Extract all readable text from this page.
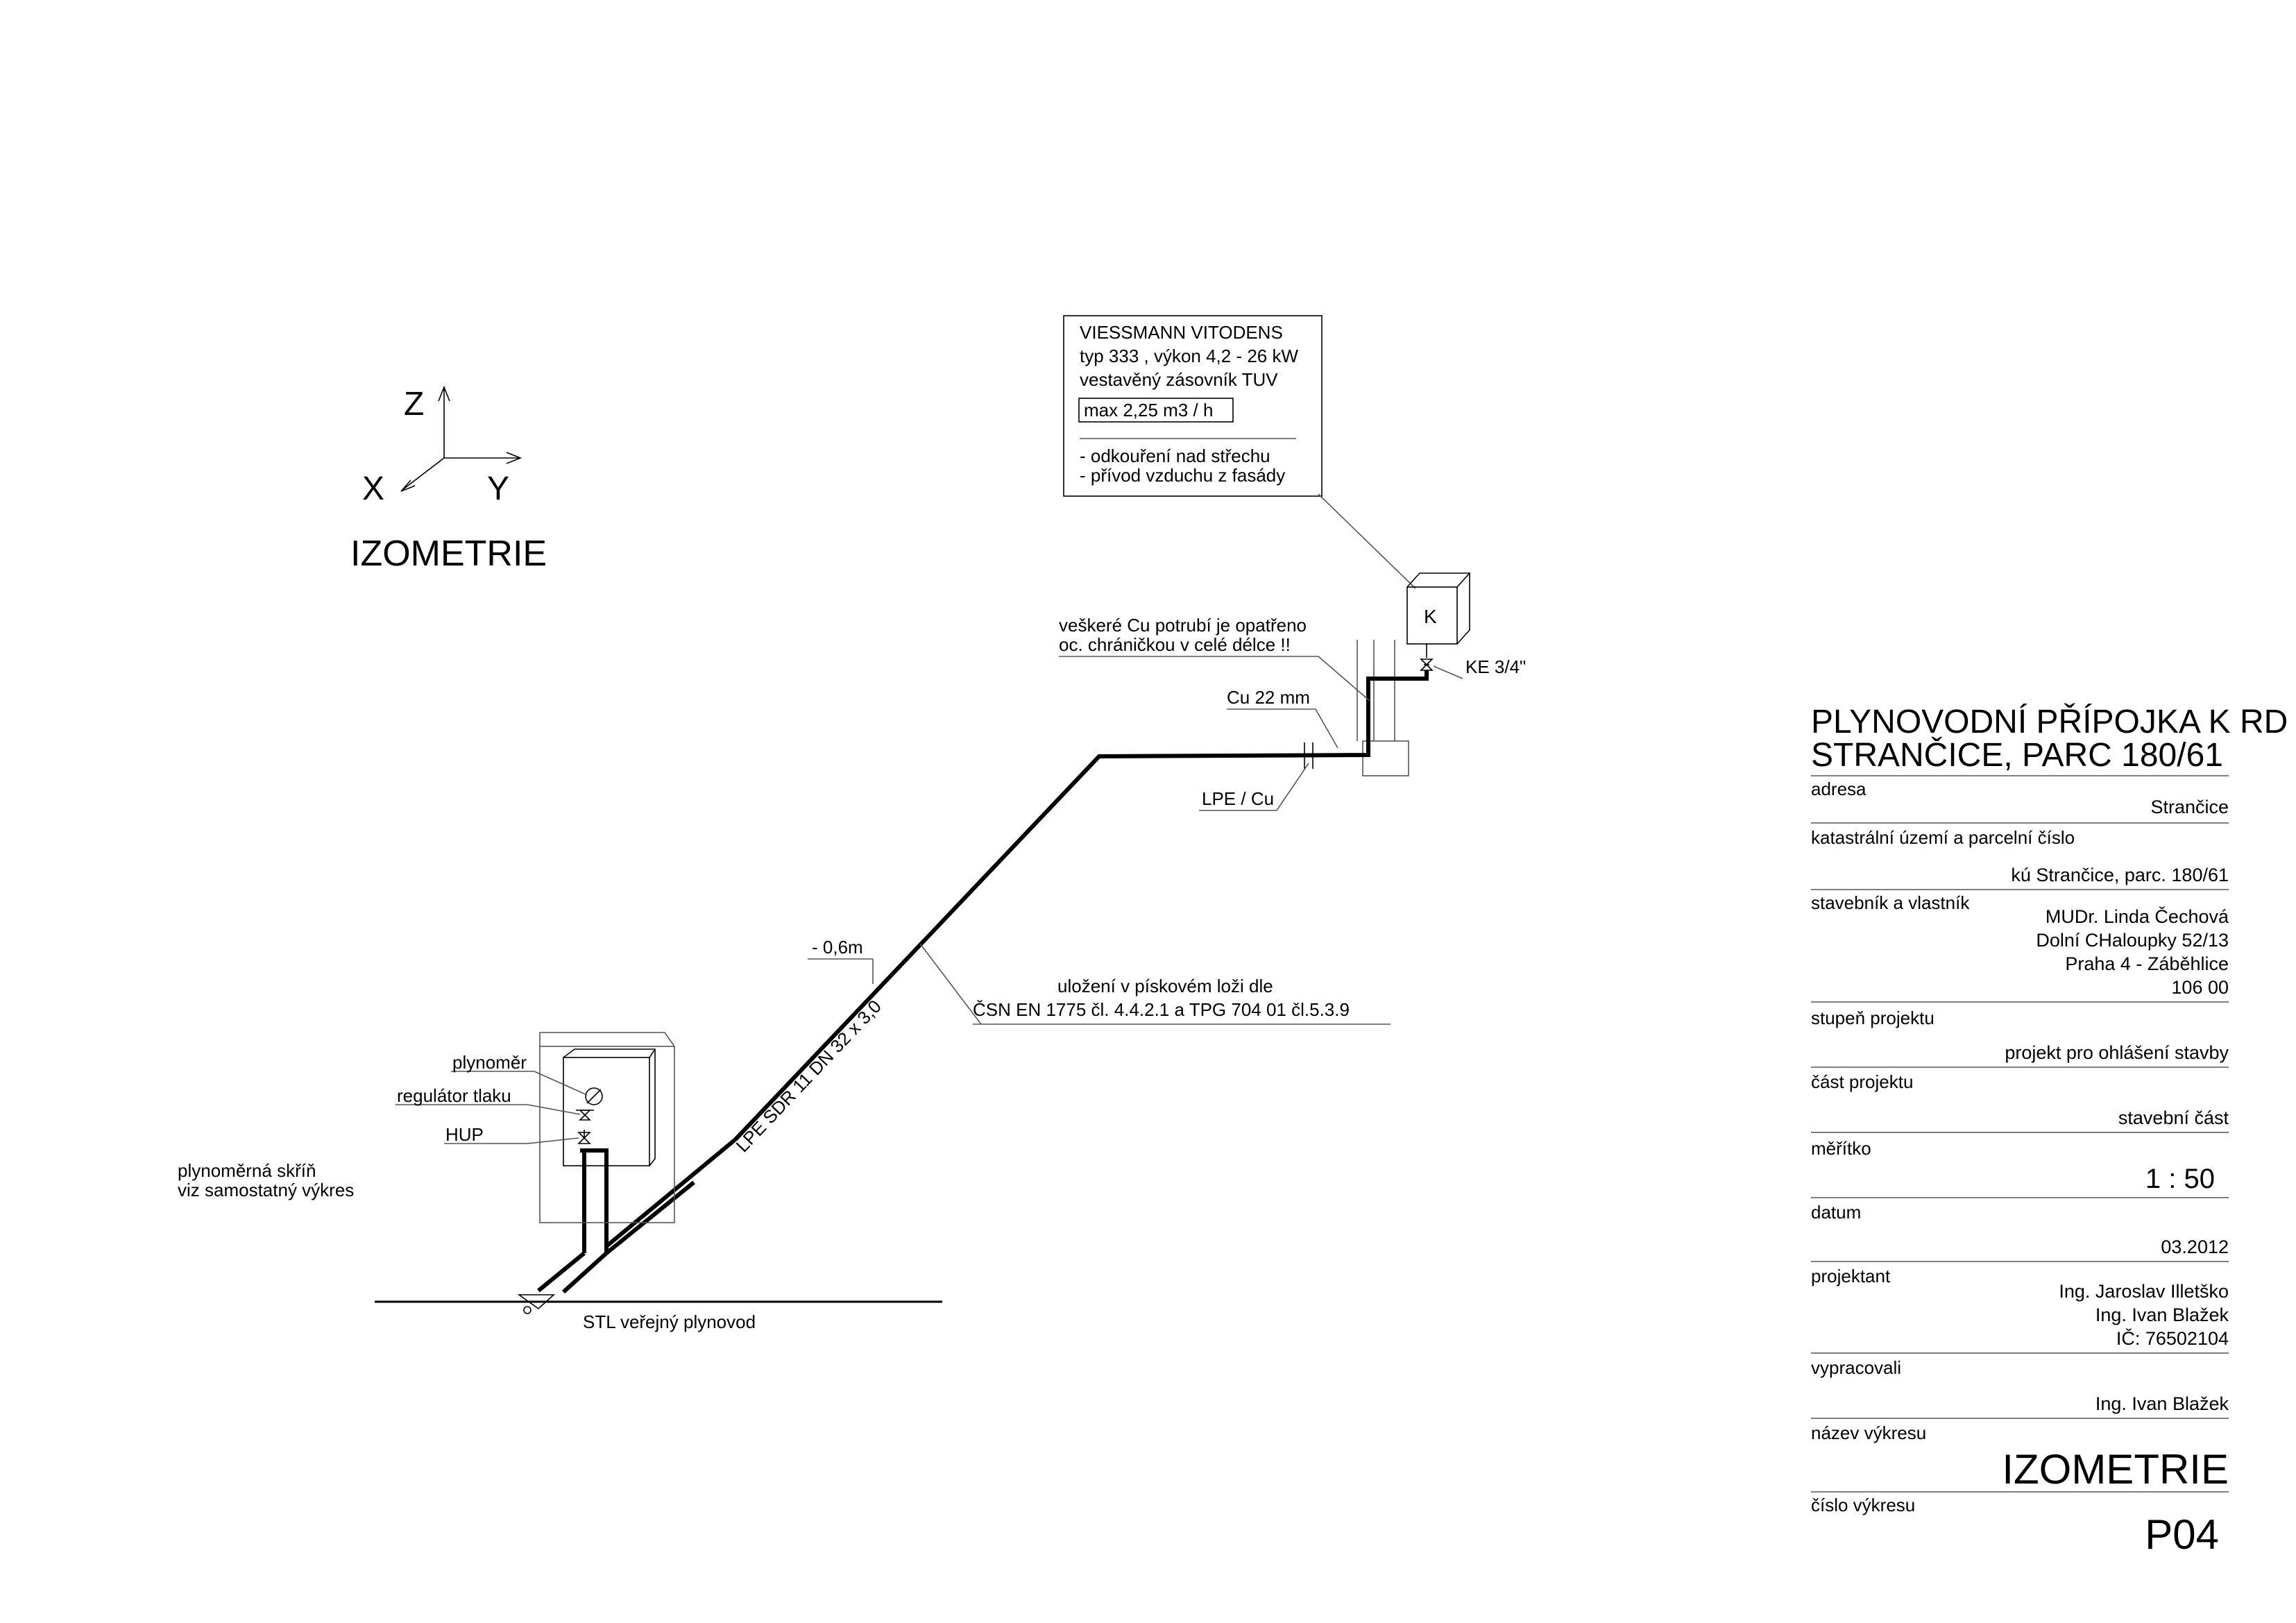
Z
X	Y
IZOMETRIE
VIESSMANN VITODENS
typ 333 , výkon 4,2 - 26 kW
vestavěný zásovník TUV
max 2,25 m3 / h
- odkouření nad střechu
- přívod vzduchu z fasády
K
KE 3/4"
LPE / Cu
Cu 22 mm
veškeré Cu potrubí je opatřeno
oc. chráničkou v celé délce !!
- 0,6m
LPE SDR 11 DN 32 x 3,0
uložení v pískovém loži dle
ČSN EN 1775 čl. 4.4.2.1 a TPG 704 01 čl.5.3.9
plynoměr
regulátor tlaku
HUP
plynoměrná skříň
viz samostatný výkres
STL veřejný plynovod
PLYNOVODNÍ PŘÍPOJKA K RD
STRANČICE, PARC 180/61
adresa
Strančice
katastrální území a parcelní číslo
kú Strančice, parc. 180/61
stavebník a vlastník
MUDr. Linda Čechová
Dolní CHaloupky 52/13
Praha 4 - Záběhlice
106 00
stupeň projektu
projekt pro ohlášení stavby
část projektu
stavební část
měřítko
1 : 50
datum
03.2012
projektant
Ing. Jaroslav Illetško
Ing. Ivan Blažek
IČ: 76502104
vypracovali
Ing. Ivan Blažek
název výkresu
IZOMETRIE
číslo výkresu
P04
